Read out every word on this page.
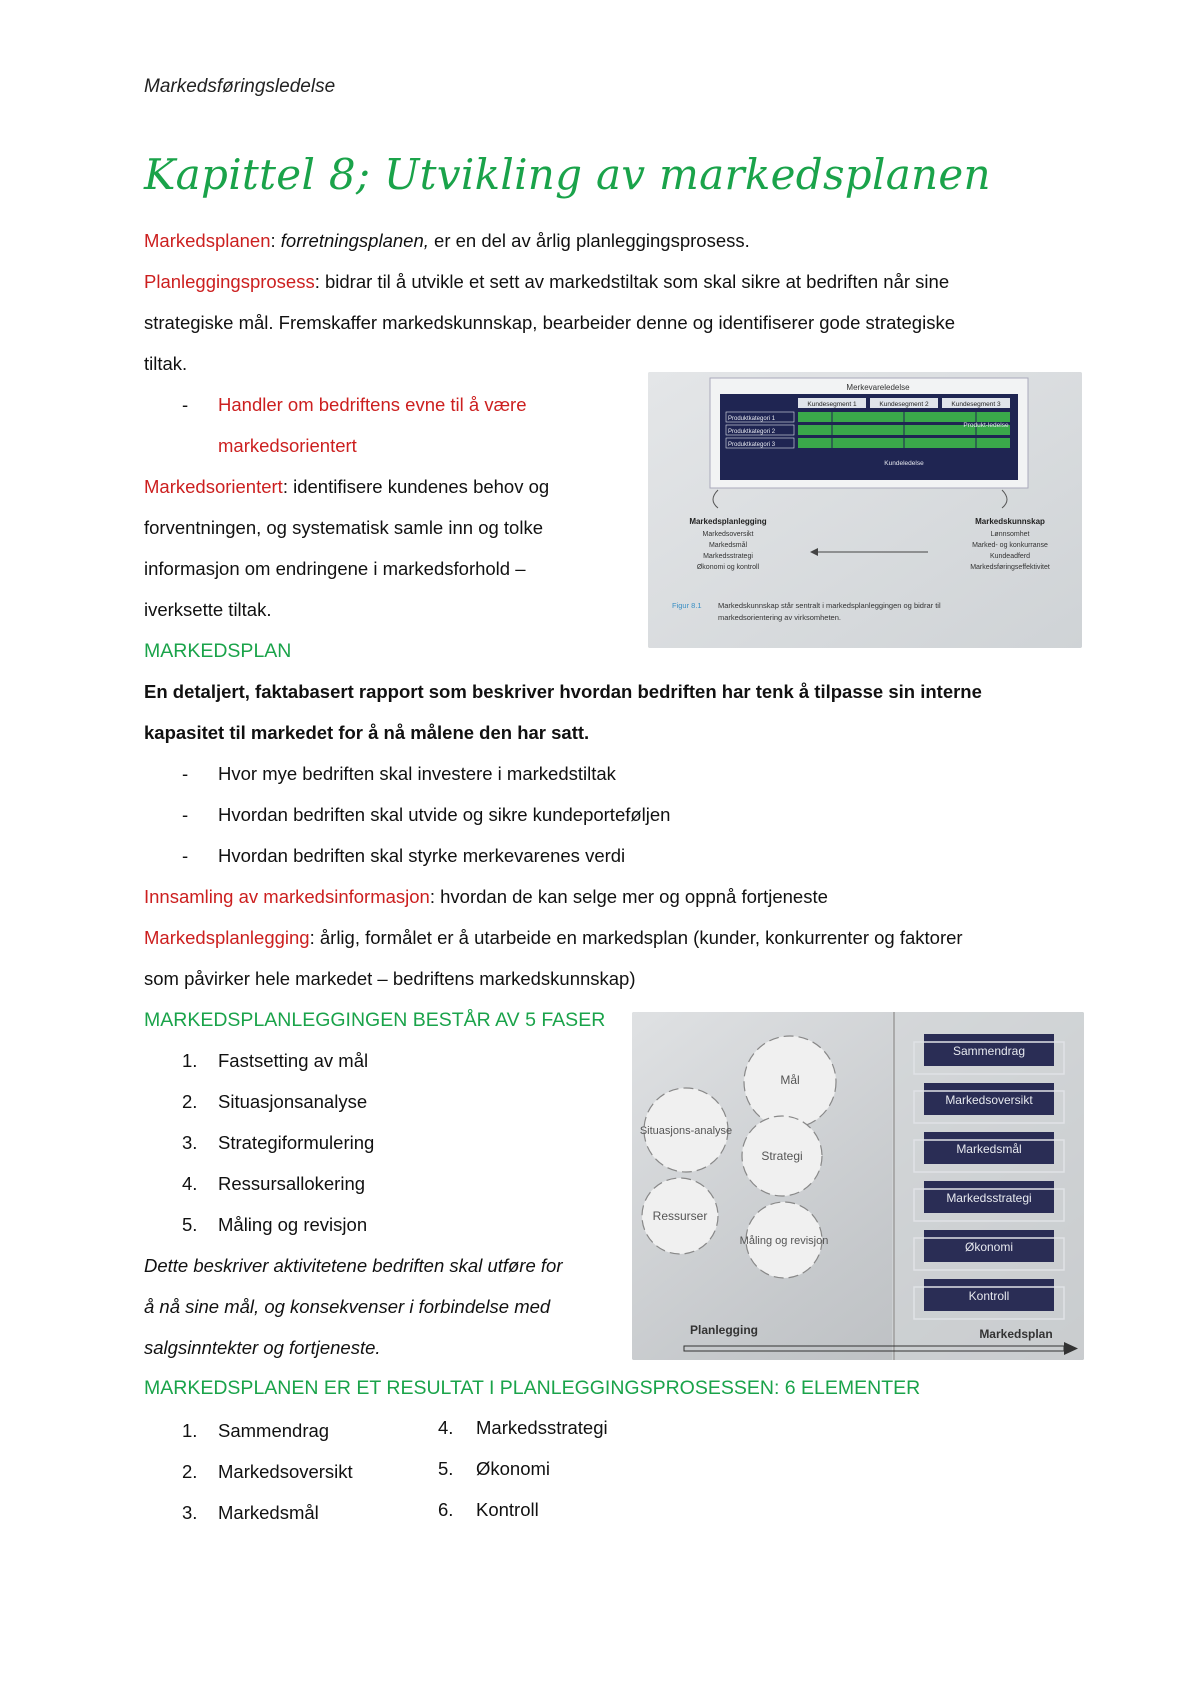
Markedsføringsledelse
Kapittel 8; Utvikling av markedsplanen
Markedsplanen: forretningsplanen, er en del av årlig planleggingsprosess.
Planleggingsprosess: bidrar til å utvikle et sett av markedstiltak som skal sikre at bedriften når sine
strategiske mål. Fremskaffer markedskunnskap, bearbeider denne og identifiserer gode strategiske
tiltak.
- Handler om bedriftens evne til å være
markedsorientert
Markedsorientert: identifisere kundenes behov og
forventningen, og systematisk samle inn og tolke
informasjon om endringene i markedsforhold –
iverksette tiltak.
Merkevareledelse
Kundesegment 1	Kundesegment 2	Kundesegment 3
Produktkategori 1
Produktkategori 2
Produktkategori 3
Kundeledelse
Produkt-ledelse
Markedsplanlegging
Markedsoversikt
Markedsmål
Markedsstrategi
Økonomi og kontroll
Markedskunnskap
Lønnsomhet
Marked- og konkurranse
Kundeadferd
Markedsføringseffektivitet
Figur 8.1 Markedskunnskap står sentralt i markedsplanleggingen og bidrar til
markedsorientering av virksomheten.
MARKEDSPLAN
En detaljert, faktabasert rapport som beskriver hvordan bedriften har tenk å tilpasse sin interne
kapasitet til markedet for å nå målene den har satt.
- Hvor mye bedriften skal investere i markedstiltak
- Hvordan bedriften skal utvide og sikre kundeporteføljen
- Hvordan bedriften skal styrke merkevarenes verdi
Innsamling av markedsinformasjon: hvordan de kan selge mer og oppnå fortjeneste
Markedsplanlegging: årlig, formålet er å utarbeide en markedsplan (kunder, konkurrenter og faktorer
som påvirker hele markedet – bedriftens markedskunnskap)
MARKEDSPLANLEGGINGEN BESTÅR AV 5 FASER
1. Fastsetting av mål
2. Situasjonsanalyse
3. Strategiformulering
4. Ressursallokering
5. Måling og revisjon
Dette beskriver aktivitetene bedriften skal utføre for
å nå sine mål, og konsekvenser i forbindelse med
salgsinntekter og fortjeneste.
Mål
Situasjons-analyse
Strategi
Ressurser
Måling og revisjon
Sammendrag
Markedsoversikt
Markedsmål
Markedsstrategi
Økonomi
Kontroll
Planlegging	Markedsplan
MARKEDSPLANEN ER ET RESULTAT I PLANLEGGINGSPROSESSEN: 6 ELEMENTER
1. Sammendrag
2. Markedsoversikt
3. Markedsmål
4. Markedsstrategi
5. Økonomi
6. Kontroll
